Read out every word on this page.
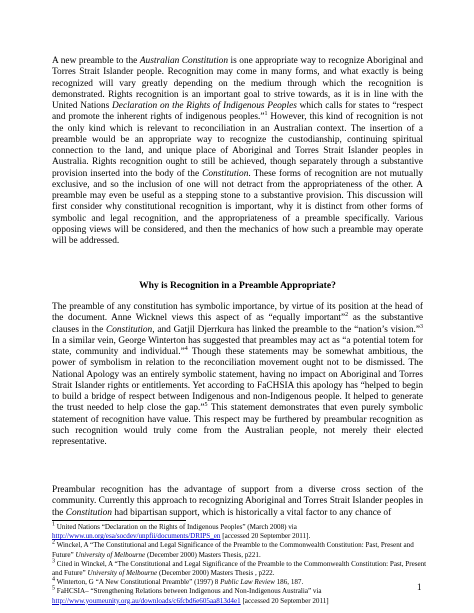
A new preamble to the Australian Constitution is one appropriate way to recognize Aboriginal and Torres Strait Islander people. Recognition may come in many forms, and what exactly is being recognized will vary greatly depending on the medium through which the recognition is demonstrated. Rights recognition is an important goal to strive towards, as it is in line with the United Nations Declaration on the Rights of Indigenous Peoples which calls for states to “respect and promote the inherent rights of indigenous peoples.”$^1$ However, this kind of recognition is not the only kind which is relevant to reconciliation in an Australian context. The insertion of a preamble would be an appropriate way to recognize the custodianship, continuing spiritual connection to the land, and unique place of Aboriginal and Torres Strait Islander peoples in Australia. Rights recognition ought to still be achieved, though separately through a substantive provision inserted into the body of the Constitution. These forms of recognition are not mutually exclusive, and so the inclusion of one will not detract from the appropriateness of the other. A preamble may even be useful as a stepping stone to a substantive provision. This discussion will first consider why constitutional recognition is important, why it is distinct from other forms of symbolic and legal recognition, and the appropriateness of a preamble specifically. Various opposing views will be considered, and then the mechanics of how such a preamble may operate will be addressed.

Why is Recognition in a Preamble Appropriate?

The preamble of any constitution has symbolic importance, by virtue of its position at the head of the document. Anne Wicknel views this aspect of as “equally important”$^2$ as the substantive clauses in the Constitution, and Gatjil Djerrkura has linked the preamble to the “nation’s vision.”$^3$ In a similar vein, George Winterton has suggested that preambles may act as “a potential totem for state, community and individual.”$^4$ Though these statements may be somewhat ambitious, the power of symbolism in relation to the reconciliation movement ought not to be dismissed. The National Apology was an entirely symbolic statement, having no impact on Aboriginal and Torres Strait Islander rights or entitlements. Yet according to FaCHSIA this apology has “helped to begin to build a bridge of respect between Indigenous and non-Indigenous people. It helped to generate the trust needed to help close the gap.”$^5$ This statement demonstrates that even purely symbolic statement of recognition have value. This respect may be furthered by preambular recognition as such recognition would truly come from the Australian people, not merely their elected representative.

Preambular recognition has the advantage of support from a diverse cross section of the community. Currently this approach to recognizing Aboriginal and Torres Strait Islander peoples in the Constitution had bipartisan support, which is historically a vital factor to any chance of

$^1$ United Nations “Declaration on the Rights of Indigenous Peoples” (March 2008) via http://www.un.org/esa/socdev/unpfii/documents/DRIPS_en [accessed 20 September 2011].

$^2$ Winckel, A “The Constitutional and Legal Significance of the Preamble to the Commonwealth Constitution: Past, Present and Future” University of Melbourne (December 2000) Masters Thesis, p221.

$^3$ Cited in Winckel, A “The Constitutional and Legal Significance of the Preamble to the Commonwealth Constitution: Past, Present and Future” University of Melbourne (December 2000) Masters Thesis , p222.

$^4$ Winterton, G “A New Constitutional Preamble” (1997) 8 Public Law Review 186, 187.

$^5$ FaHCSIA– “Strengthening Relations between Indigenous and Non-Indigenous Australia” via http://www.youmeunity.org.au/downloads/c6fcbd6e605aa813d4e1 [accessed 20 September 2011]

1
